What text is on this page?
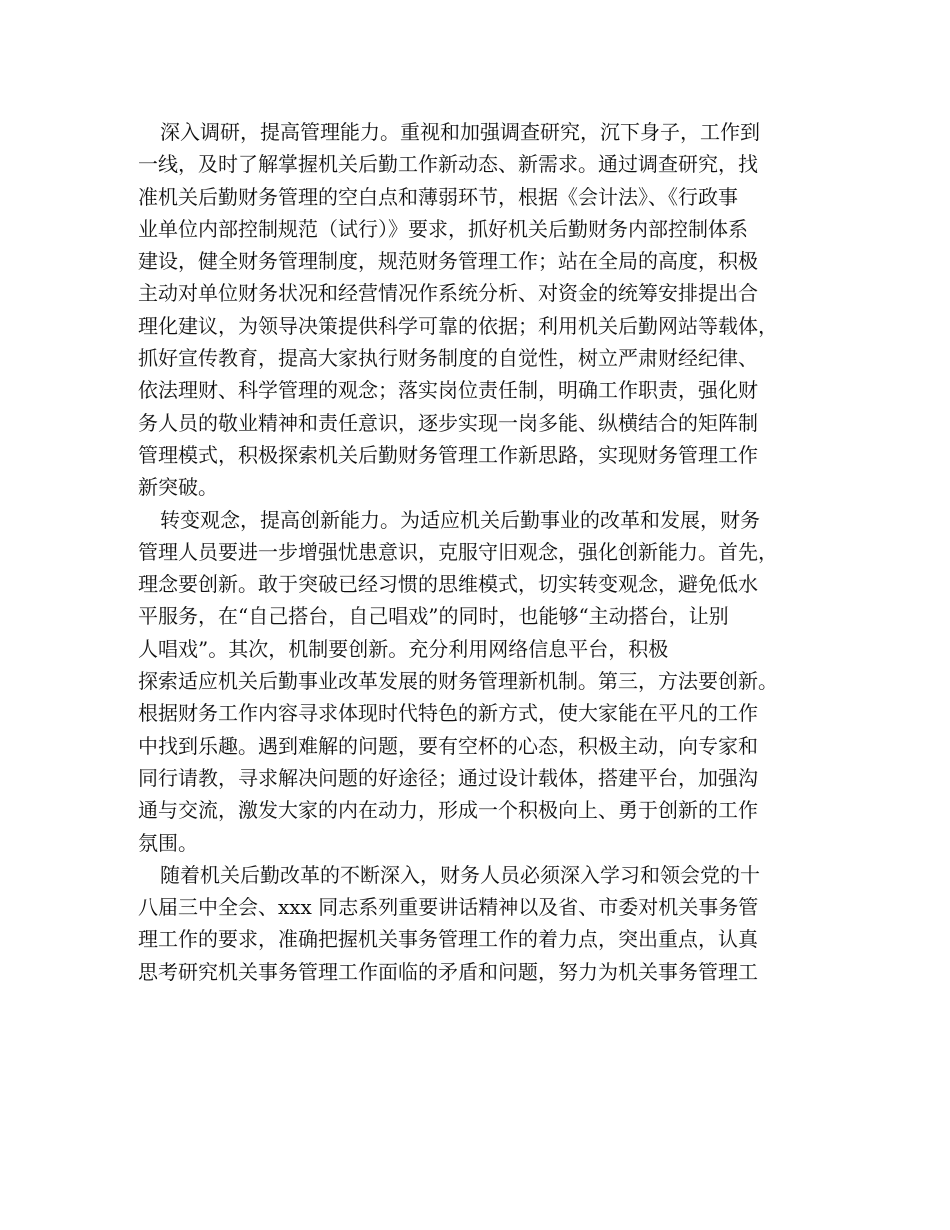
深入调研，提高管理能力。重视和加强调查研究，沉下身子，工作到
一线，及时了解掌握机关后勤工作新动态、新需求。通过调查研究，找
准机关后勤财务管理的空白点和薄弱环节，根据《会计法》、《行政事
业单位内部控制规范（试行）》要求，抓好机关后勤财务内部控制体系
建设，健全财务管理制度，规范财务管理工作；站在全局的高度，积极
主动对单位财务状况和经营情况作系统分析、对资金的统筹安排提出合
理化建议，为领导决策提供科学可靠的依据；利用机关后勤网站等载体，
抓好宣传教育，提高大家执行财务制度的自觉性，树立严肃财经纪律、
依法理财、科学管理的观念；落实岗位责任制，明确工作职责，强化财
务人员的敬业精神和责任意识，逐步实现一岗多能、纵横结合的矩阵制
管理模式，积极探索机关后勤财务管理工作新思路，实现财务管理工作
新突破。
转变观念，提高创新能力。为适应机关后勤事业的改革和发展，财务
管理人员要进一步增强忧患意识，克服守旧观念，强化创新能力。首先，
理念要创新。敢于突破已经习惯的思维模式，切实转变观念，避免低水
平服务，在“自己搭台，自己唱戏”的同时，也能够“主动搭台，让别
人唱戏”。其次，机制要创新。充分利用网络信息平台，积极
探索适应机关后勤事业改革发展的财务管理新机制。第三，方法要创新。
根据财务工作内容寻求体现时代特色的新方式，使大家能在平凡的工作
中找到乐趣。遇到难解的问题，要有空杯的心态，积极主动，向专家和
同行请教，寻求解决问题的好途径；通过设计载体，搭建平台，加强沟
通与交流，激发大家的内在动力，形成一个积极向上、勇于创新的工作
氛围。
随着机关后勤改革的不断深入，财务人员必须深入学习和领会党的十
八届三中全会、xxx 同志系列重要讲话精神以及省、市委对机关事务管
理工作的要求，准确把握机关事务管理工作的着力点，突出重点，认真
思考研究机关事务管理工作面临的矛盾和问题，努力为机关事务管理工
